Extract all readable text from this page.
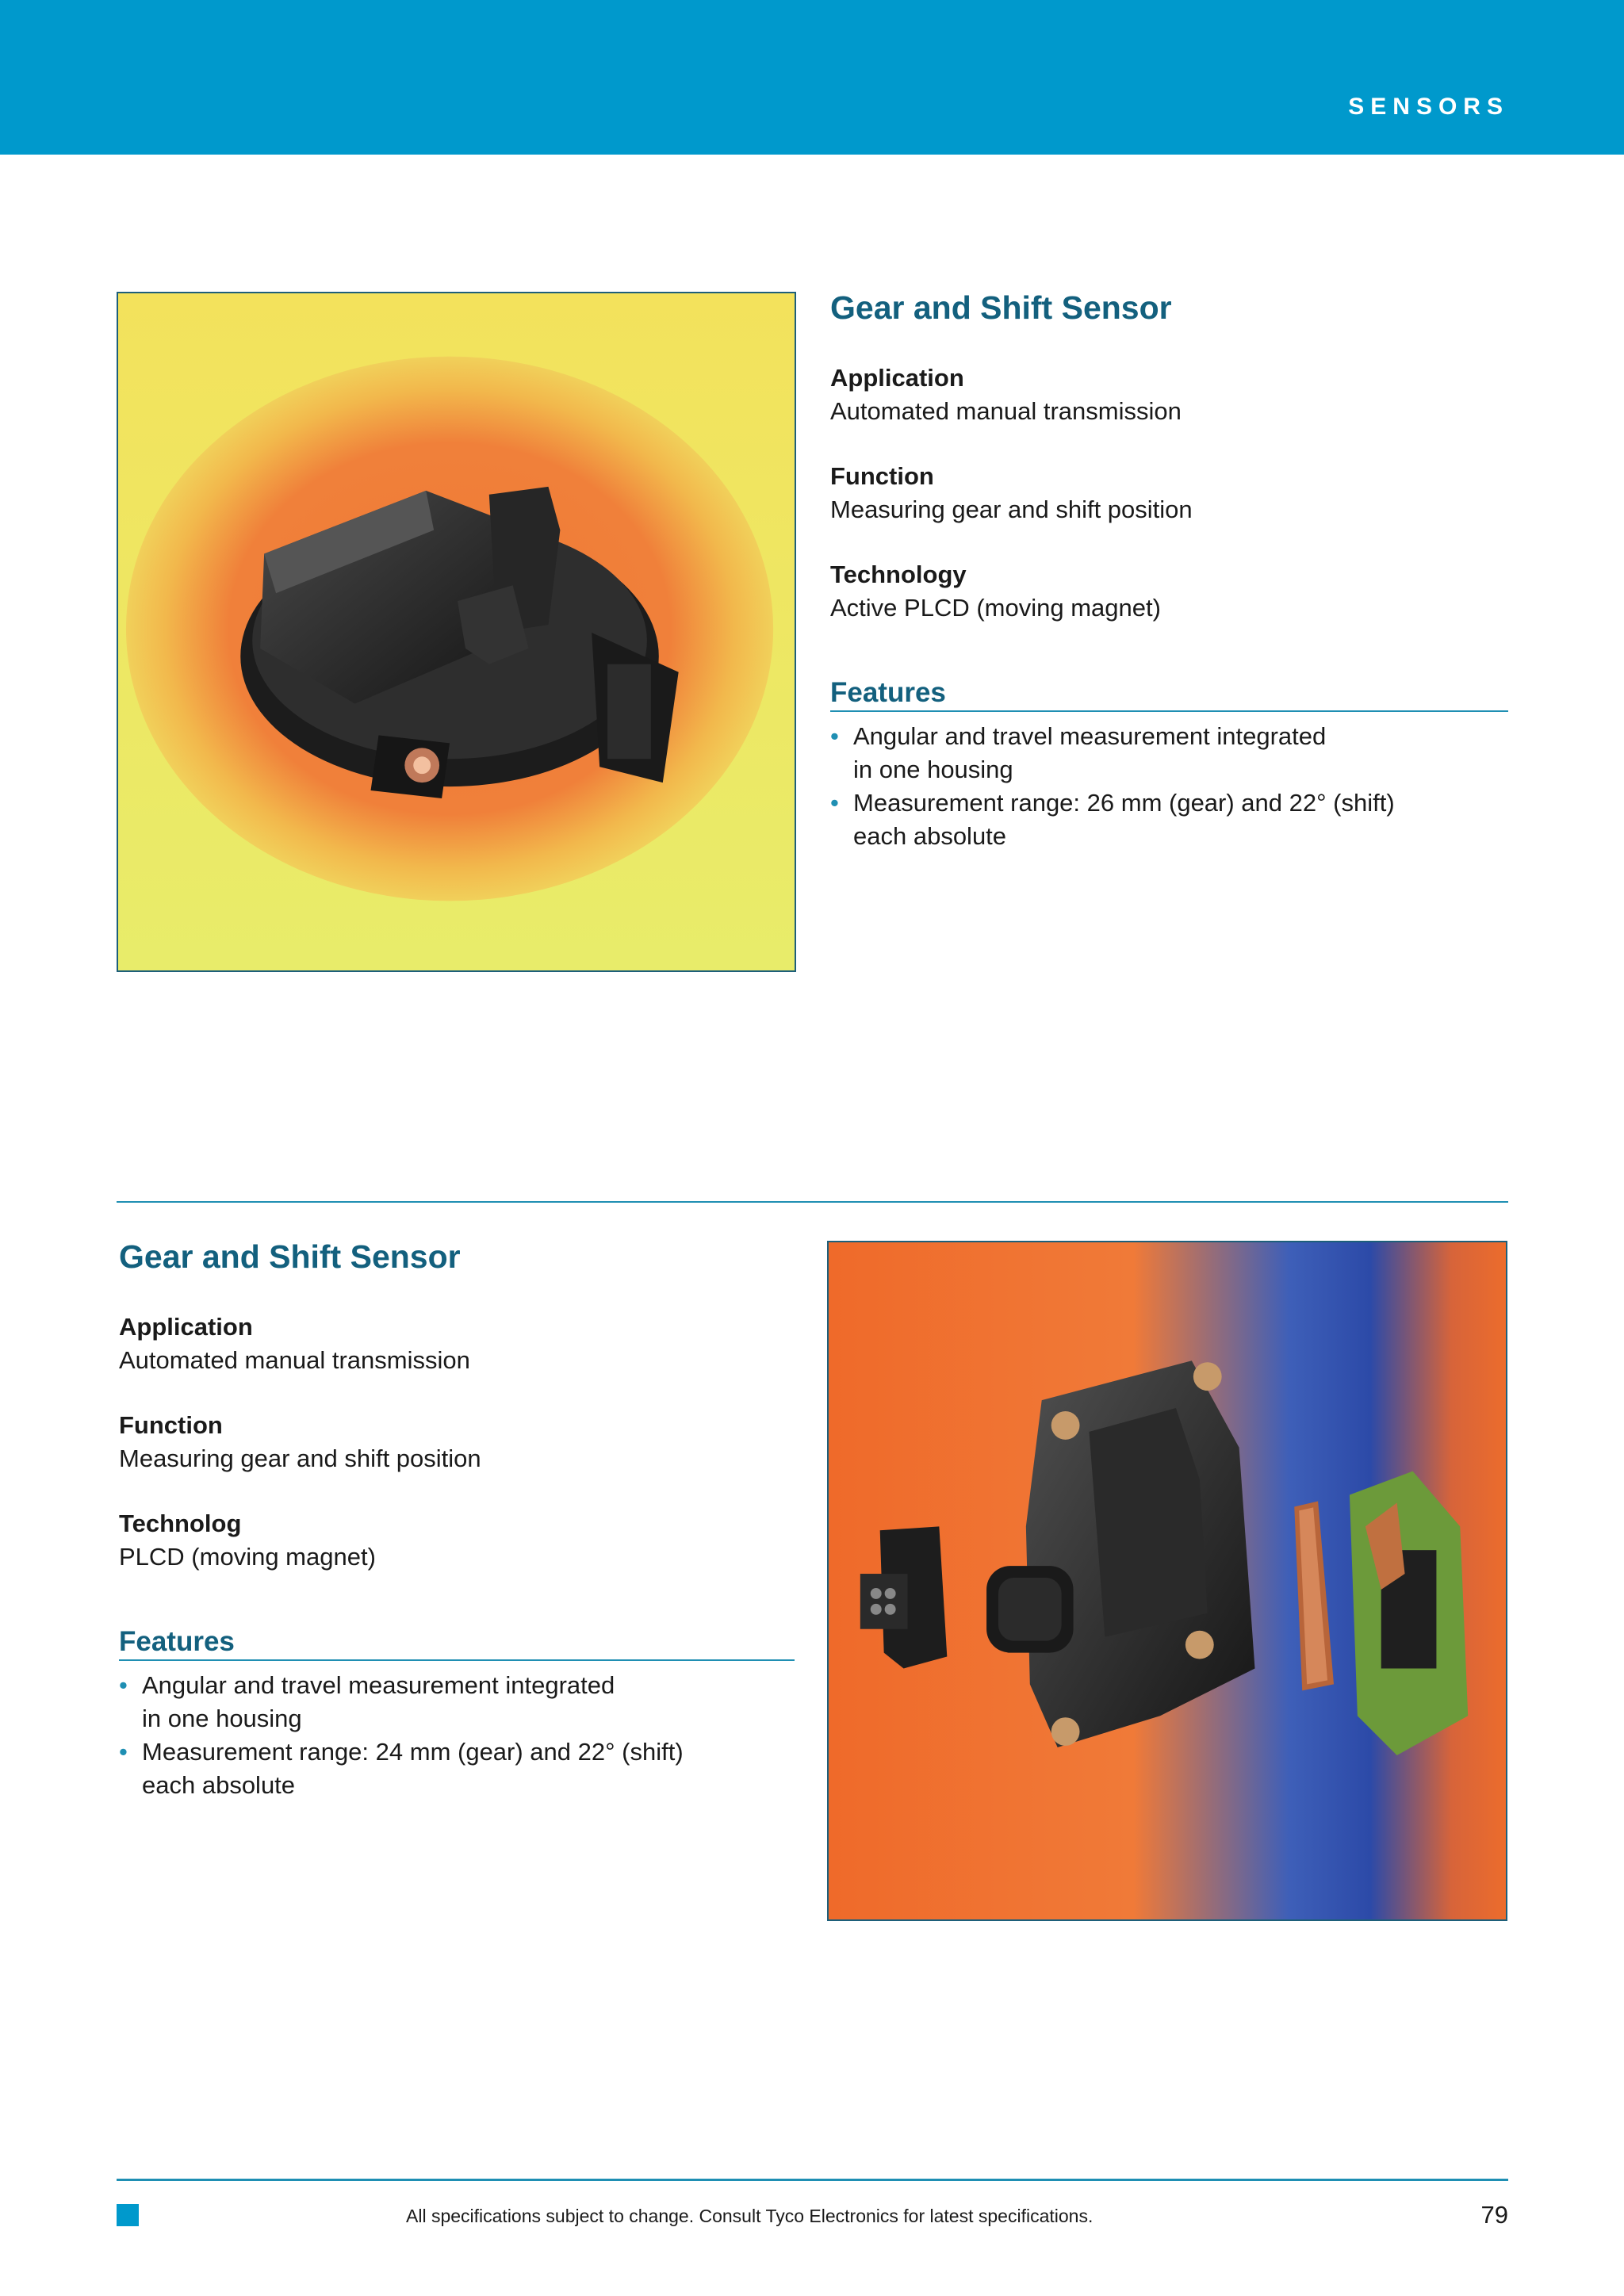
SENSORS
Gear and Shift Sensor
Application
Automated manual transmission
Function
Measuring gear and shift position
Technology
Active PLCD (moving magnet)
Features
• Angular and travel measurement integrated
in one housing
• Measurement range: 26 mm (gear) and 22° (shift)
each absolute
Gear and Shift Sensor
Application
Automated manual transmission
Function
Measuring gear and shift position
Technolog
PLCD (moving magnet)
Features
• Angular and travel measurement integrated
in one housing
• Measurement range: 24 mm (gear) and 22° (shift)
each absolute
All specifications subject to change. Consult Tyco Electronics for latest specifications.	79
